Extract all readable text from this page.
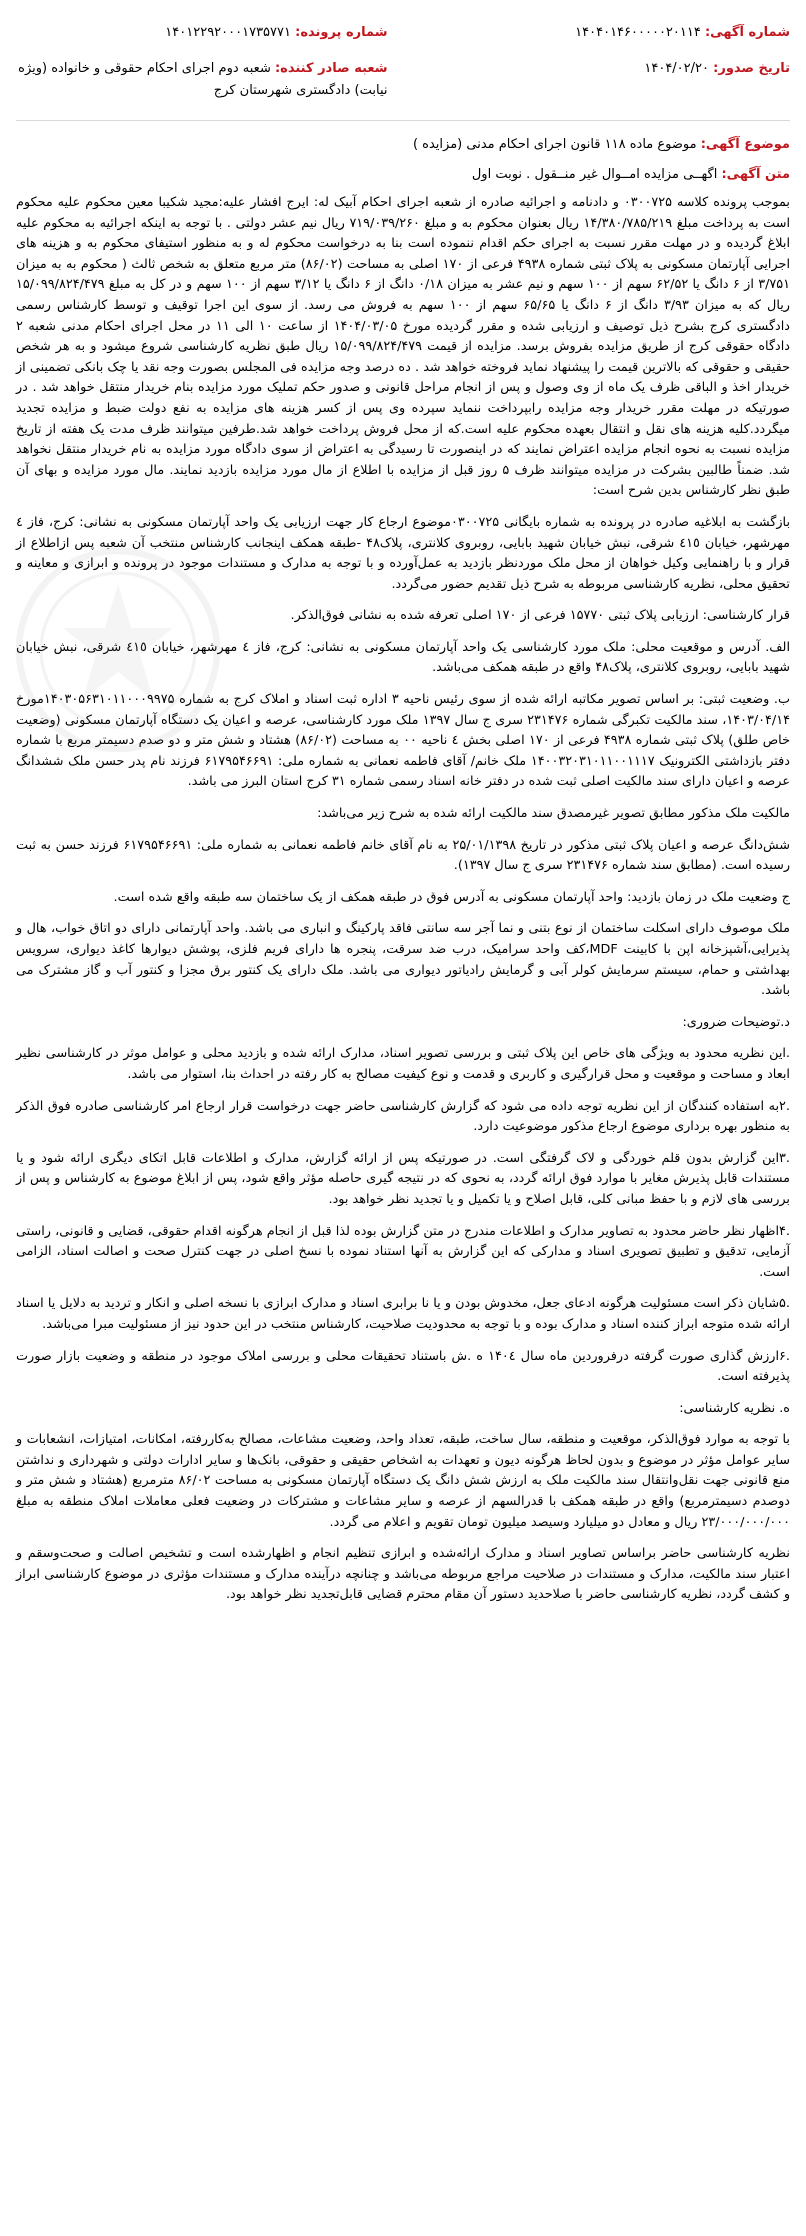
شماره آگهی: ۱۴۰۴۰۱۴۶۰۰۰۰۰۲۰۱۱۴
شماره پرونده: ۱۴۰۱۲۲۹۲۰۰۰۱۷۳۵۷۷۱
تاریخ صدور: ۱۴۰۴/۰۲/۲۰
شعبه صادر کننده: شعبه دوم اجرای احکام حقوقی و خانواده (ویژه نیابت) دادگستری شهرستان کرج
موضوع آگهی: موضوع ماده ۱۱۸ قانون اجرای احکام مدنی (مزایده )
متن آگهی: اگهــی مزایده امــوال غیر منــقول . نوبت اول

بموجب پرونده کلاسه ۰۳۰۰۷۲۵ و دادنامه و اجرائیه صادره از شعبه اجرای احکام آبیک له: ایرج افشار علیه:مجید شکیبا معین محکوم علیه محکوم است به پرداخت مبلغ ۱۴/۳۸۰/۷۸۵/۲۱۹ ریال بعنوان محکوم به و مبلغ ۷۱۹/۰۳۹/۲۶۰ ریال نیم عشر دولتی . با توجه به اینکه اجرائیه به محکوم علیه ابلاغ گردیده و در مهلت مقرر نسبت به اجرای حکم اقدام ننموده است بنا به درخواست محکوم له و به منظور استیفای محکوم به و هزینه های اجرایی آپارتمان مسکونی به پلاک ثبتی شماره ۴۹۳۸ فرعی از ۱۷۰ اصلی به مساحت (۸۶/۰۲) متر مربع متعلق به شخص ثالث ( محکوم به به میزان ۳/۷۵۱ از ۶ دانگ یا ۶۲/۵۲ سهم از ۱۰۰ سهم و نیم عشر به میزان ۰/۱۸ دانگ از ۶ دانگ یا ۳/۱۲ سهم از ۱۰۰ سهم و در کل به مبلغ ۱۵/۰۹۹/۸۲۴/۴۷۹ ریال که به میزان ۳/۹۳ دانگ از ۶ دانگ یا ۶۵/۶۵ سهم از ۱۰۰ سهم به فروش می رسد. از سوی این اجرا توقیف و توسط کارشناس رسمی دادگستری کرج بشرح ذیل توصیف و ارزیابی شده و مقرر گردیده مورخ ۱۴۰۴/۰۳/۰۵ از ساعت ۱۰ الی ۱۱ در محل اجرای احکام مدنی شعبه ۲ دادگاه حقوقی کرج از طریق مزایده بفروش برسد. مزایده از قیمت ۱۵/۰۹۹/۸۲۴/۴۷۹ ریال طبق نظریه کارشناسی شروع میشود و به هر شخص حقیقی و حقوقی که بالاترین قیمت را پیشنهاد نماید فروخته خواهد شد . ده درصد وجه مزایده فی المجلس بصورت وجه نقد یا چک بانکی تضمینی از خریدار اخذ و الباقی ظرف یک ماه از وی وصول و پس از انجام مراحل قانونی و صدور حکم تملیک مورد مزایده بنام خریدار منتقل خواهد شد . در صورتیکه در مهلت مقرر خریدار وجه مزایده رابپرداخت ننماید سپرده وی پس از کسر هزینه های مزایده به نفع دولت ضبط و مزایده تجدید میگردد.کلیه هزینه های نقل و انتقال بعهده محکوم علیه است.که از محل فروش پرداخت خواهد شد.طرفین میتوانند ظرف مدت یک هفته از تاریخ مزایده نسبت به نحوه انجام مزایده اعتراض نمایند که در اینصورت تا رسیدگی به اعتراض از سوی دادگاه مورد مزایده به نام خریدار منتقل نخواهد شد. ضمناً طالبین بشرکت در مزایده میتوانند ظرف ۵ روز قبل از مزایده با اطلاع از مال مورد مزایده بازدید نمایند. مال مورد مزایده و بهای آن طبق نظر کارشناس بدین شرح است:

بازگشت به ابلاغیه صادره در پرونده به شماره بایگانی ۰۳۰۰۷۲۵موضوع ارجاع کار جهت ارزیابی یک واحد آپارتمان مسکونی به نشانی: کرج، فاز ٤ مهرشهر، خیابان ٤١٥ شرقی، نبش خیابان شهید بابایی، روبروی کلانتری، پلاک۴۸ -طبقه همکف اینجانب کارشناس منتخب آن شعبه پس ازاطلاع از قرار و با راهنمایی وکیل خواهان از محل ملک موردنظر بازدید به عمل‌آورده و با توجه به مدارک و مستندات موجود در پرونده و ابرازی و معاینه و تحقیق محلی، نظریه کارشناسی مربوطه به شرح ذیل تقدیم حضور می‌گردد.

قرار کارشناسی: ارزیابی پلاک ثبتی ۱۵۷۷۰ فرعی از ۱۷۰ اصلی تعرفه شده به نشانی فوق‌الذکر.

الف. آدرس و موقعیت محلی: ملک مورد کارشناسی یک واحد آپارتمان مسکونی به نشانی: کرج، فاز ٤ مهرشهر، خیابان ٤١٥ شرقی، نبش خیابان شهید بابایی، روبروی کلانتری، پلاک۴۸ واقع در طبقه همکف می‌باشد.

ب. وضعیت ثبتی: بر اساس تصویر مکاتبه ارائه شده از سوی رئیس ناحیه ۳ اداره ثبت اسناد و املاک کرج به شماره ۱۴۰۳۰۵۶۳۱۰۱۱۰۰۰۹۹۷۵مورخ ۱۴۰۳/۰۴/۱۴، سند مالکیت تکبرگی شماره ۲۳۱۴۷۶ سری ج سال ۱۳۹۷ ملک مورد کارشناسی، عرصه و اعیان یک دستگاه آپارتمان مسکونی (وضعیت خاص طلق) پلاک ثبتی شماره ۴۹۳۸ فرعی از ۱۷۰ اصلی بخش ٤ ناحیه ۰۰ به مساحت (۸۶/۰۲) هشتاد و شش متر و دو صدم دسیمتر مربع با شماره دفتر بازداشتی الکترونیک ۱۴۰۰۳۲۰۳۱۰۱۱۰۰۱۱۱۷ ملک خانم/ آقای فاطمه نعمانی به شماره ملی: ۶۱۷۹۵۴۶۶۹۱ فرزند نام پدر حسن ملک ششدانگ عرصه و اعیان دارای سند مالکیت اصلی ثبت شده در دفتر خانه اسناد رسمی شماره ۳۱ کرج استان البرز می باشد.

مالکیت ملک مذکور مطابق تصویر غیرمصدق سند مالکیت ارائه شده به شرح زیر می‌باشد:

شش‌دانگ عرصه و اعیان پلاک ثبتی مذکور در تاریخ ۲۵/۰۱/۱۳۹۸ به نام آقای خانم فاطمه نعمانی به شماره ملی: ۶۱۷۹۵۴۶۶۹۱ فرزند حسن به ثبت رسیده است. (مطابق سند شماره ۲۳۱۴۷۶ سری ج سال ۱۳۹۷).

ج وضعیت ملک در زمان بازدید: واحد آپارتمان مسکونی به آدرس فوق در طبقه همکف از یک ساختمان سه طبقه واقع شده است.

ملک موصوف دارای اسکلت ساختمان از نوع بتنی و نما آجر سه سانتی فاقد پارکینگ و انباری می باشد. واحد آپارتمانی دارای دو اتاق خواب، هال و پذیرایی،آشپزخانه اپن با کابینت MDF،کف واحد سرامیک، درب ضد سرقت، پنجره ها دارای فریم فلزی، پوشش دیوارها کاغذ دیواری، سرویس بهداشتی و حمام، سیستم سرمایش کولر آبی و گرمایش رادیاتور دیواری می باشد. ملک دارای یک کنتور برق مجزا و کنتور آب و گاز مشترک می باشد.

د.توضیحات ضروری:

.این نظریه محدود به ویژگی های خاص این پلاک ثبتی و بررسی تصویر اسناد، مدارک ارائه شده و بازدید محلی و عوامل موثر در کارشناسی نظیر ابعاد و مساحت و موقعیت و محل قرارگیری و کاربری و قدمت و نوع کیفیت مصالح به کار رفته در احداث بنا، استوار می باشد.

.۲به استفاده کنندگان از این نظریه توجه داده می شود که گزارش کارشناسی حاضر جهت درخواست قرار ارجاع امر کارشناسی صادره فوق الذکر به منظور بهره برداری موضوع ارجاع مذکور موضوعیت دارد.

.۳این گزارش بدون قلم خوردگی و لاک گرفتگی است. در صورتیکه پس از ارائه گزارش، مدارک و اطلاعات قابل اتکای دیگری ارائه شود و یا مستندات قابل پذیرش مغایر با موارد فوق ارائه گردد، به نحوی که در نتیجه گیری حاصله مؤثر واقع شود، پس از ابلاغ موضوع به کارشناس و پس از بررسی های لازم و با حفظ مبانی کلی، قابل اصلاح و یا تکمیل و یا تجدید نظر خواهد بود.

.۴اظهار نظر حاضر محدود به تصاویر مدارک و اطلاعات مندرج در متن گزارش بوده لذا قبل از انجام هرگونه اقدام حقوقی، قضایی و قانونی، راستی آزمایی، تدقیق و تطبیق تصویری اسناد و مدارکی که این گزارش به آنها استناد نموده با نسخ اصلی در جهت کنترل صحت و اصالت اسناد، الزامی است.

.۵شایان ذکر است مسئولیت هرگونه ادعای جعل، مخدوش بودن و یا نا برابری اسناد و مدارک ابرازی با نسخه اصلی و انکار و تردید به دلایل یا اسناد ارائه شده متوجه ابراز کننده اسناد و مدارک بوده و با توجه به محدودیت صلاحیت، کارشناس منتخب در این حدود نیز از مسئولیت مبرا می‌باشد.

.۶ارزش گذاری صورت گرفته درفروردین ماه سال ۱۴۰٤ ه .ش باستناد تحقیقات محلی و بررسی املاک موجود در منطقه و وضعیت بازار صورت پذیرفته است.

ه. نظریه کارشناسی:

با توجه به موارد فوق‌الذکر، موقعیت و منطقه، سال ساخت، طبقه، تعداد واحد، وضعیت مشاعات، مصالح به‌کاررفته، امکانات، امتیازات، انشعابات و سایر عوامل مؤثر در موضوع و بدون لحاظ هرگونه دیون و تعهدات به اشخاص حقیقی و حقوقی، بانک‌ها و سایر ادارات دولتی و شهرداری و نداشتن منع قانونی جهت نقل‌وانتقال سند مالکیت ملک به ارزش شش دانگ یک دستگاه آپارتمان مسکونی به مساحت ۸۶/۰۲ مترمربع (هشتاد و شش متر و دوصدم دسیمترمربع) واقع در طبقه همکف با قدرالسهم از عرصه و سایر مشاعات و مشترکات در وضعیت فعلی معاملات املاک منطقه به مبلغ ۲۳/۰۰۰/۰۰۰/۰۰۰ ریال و معادل دو میلیارد وسیصد میلیون تومان تقویم و اعلام می گردد.

نظریه کارشناسی حاضر براساس تصاویر اسناد و مدارک ارائه‌شده و ابرازی تنظیم انجام و اظهارشده است و تشخیص اصالت و صحت‌وسقم و اعتبار سند مالکیت، مدارک و مستندات در صلاحیت مراجع مربوطه می‌باشد و چنانچه درآینده مدارک و مستندات مؤثری در موضوع کارشناسی ابراز و کشف گردد، نظریه کارشناسی حاضر با صلاحدید دستور آن مقام محترم قضایی قابل‌تجدید نظر خواهد بود.
